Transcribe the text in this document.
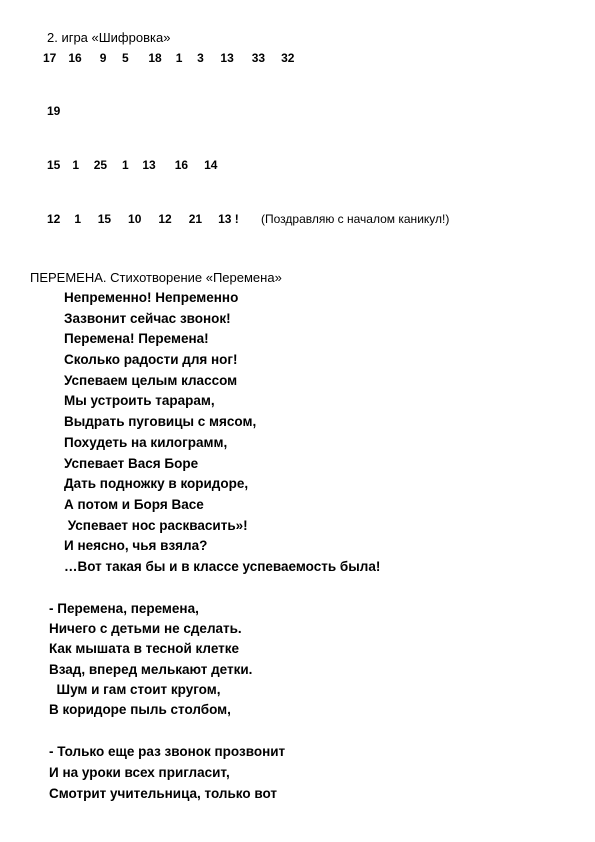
2. игра «Шифровка»
17 16 9 5 18 1 3 13 33 32
19
15 1 25 1 13 16 14
12 1 15 10 12 21 13 ! (Поздравляю с началом каникул!)
ПЕРЕМЕНА. Стихотворение «Перемена»
Непременно! Непременно
Зазвонит сейчас звонок!
Перемена! Перемена!
Сколько радости для ног!
Успеваем целым классом
Мы устроить тарарам,
Выдрать пуговицы с мясом,
Похудеть на килограмм,
Успевает Вася Боре
Дать подножку в коридоре,
А потом и Боря Васе
Успевает нос расквасить»!
И неясно, чья взяла?
…Вот такая бы и в классе успеваемость была!
- Перемена, перемена,
Ничего с детьми не сделать.
Как мышата в тесной клетке
Взад, вперед мелькают детки.
Шум и гам стоит кругом,
В коридоре пыль столбом,
- Только еще раз звонок прозвонит
И на уроки всех пригласит,
Смотрит учительница, только вот
